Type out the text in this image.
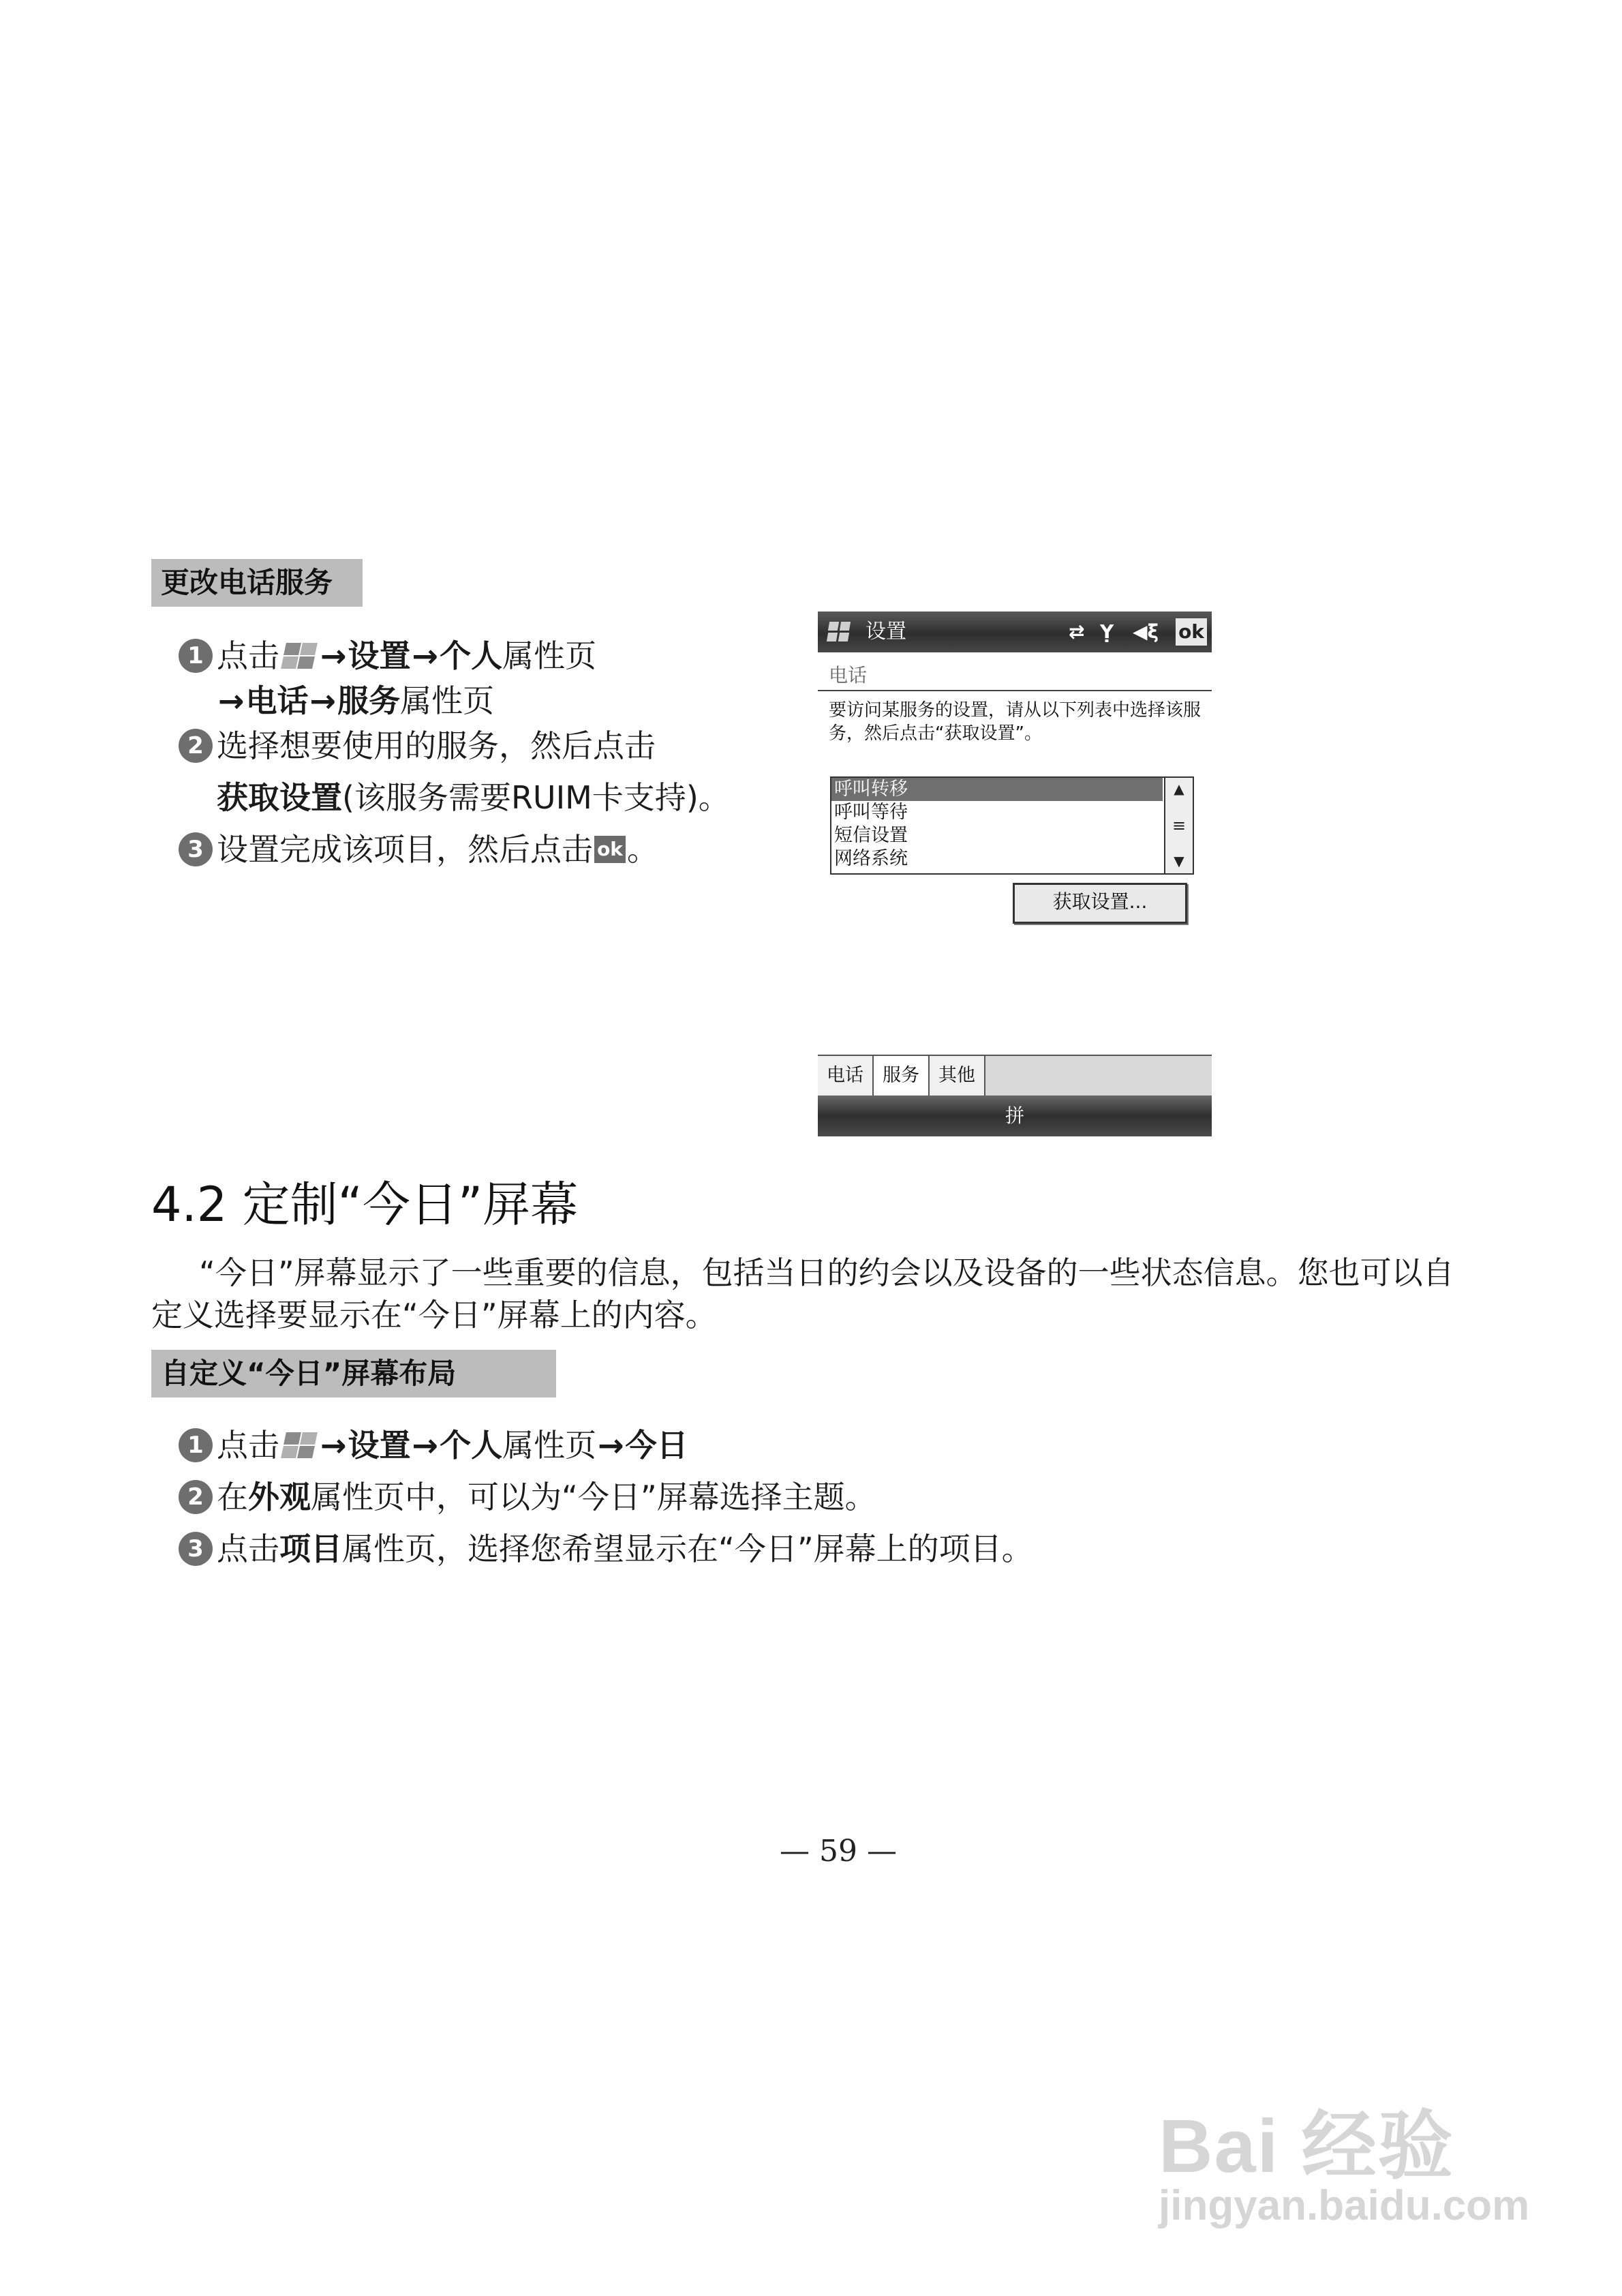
更改电话服务
1 点击 → 设置 → 个人 属性页
→ 电话 → 服务 属性页
2 选择想要使用的服务，然后点击
获取设置 (该服务需要RUIM卡支持)。
3 设置完成该项目，然后点击 ok 。
设置	⇄ Ỵ ◀ξ ok
电话
要访问某服务的设置，请从以下列表中选择该服务，然后点击“获取设置”。
呼叫转移
呼叫等待
短信设置
网络系统
▲
≡
▼
获取设置...
电话	服务	其他
拼
4.2 定制“今日”屏幕
“今日”屏幕显示了一些重要的信息，包括当日的约会以及设备的一些状态信息。您也可以自定义选择要显示在“今日”屏幕上的内容。
自定义“今日”屏幕布局
1 点击 → 设置 → 个人 属性页 → 今日
2 在 外观 属性页中，可以为“今日”屏幕选择主题。
3 点击 项目 属性页，选择您希望显示在“今日”屏幕上的项目。
— 59 —
Bai 经验
jingyan.baidu.com
